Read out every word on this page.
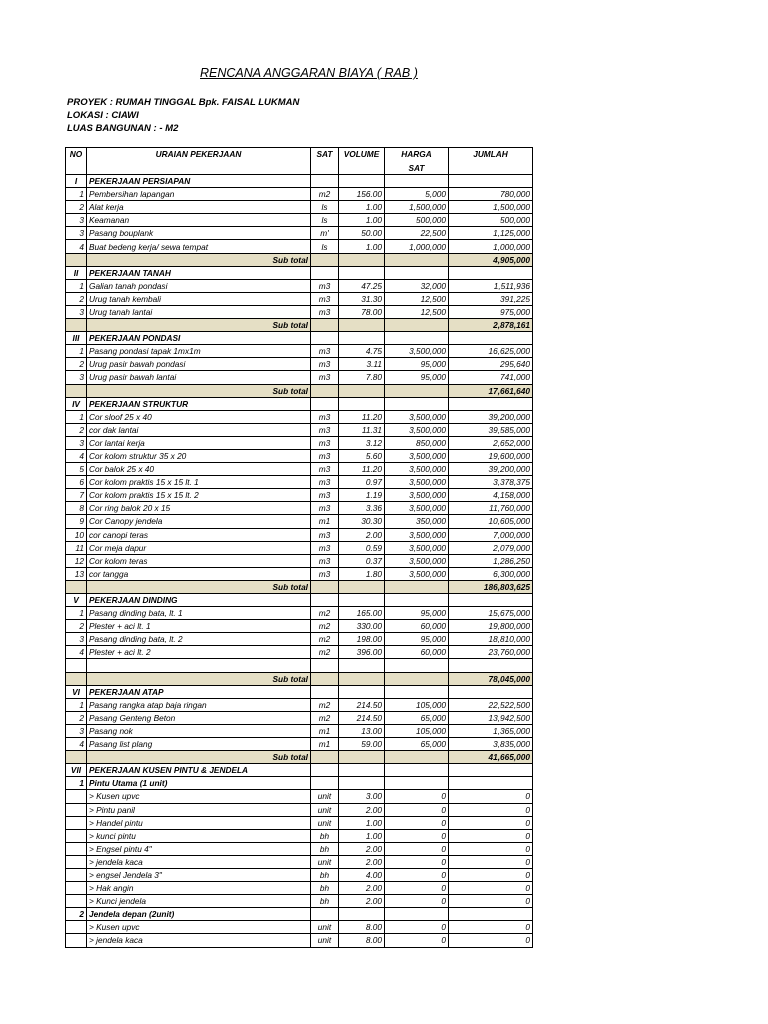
RENCANA ANGGARAN BIAYA ( RAB )
PROYEK : RUMAH TINGGAL Bpk. FAISAL LUKMAN
LOKASI : CIAWI
LUAS BANGUNAN : - M2
NO	URAIAN PEKERJAAN	SAT	VOLUME	HARGA	JUMLAH
				SAT	
I	PEKERJAAN PERSIAPAN				
1	Pembersihan lapangan	m2	156.00	5,000	780,000
2	Alat kerja	ls	1.00	1,500,000	1,500,000
3	Keamanan	ls	1.00	500,000	500,000
3	Pasang bouplank	m'	50.00	22,500	1,125,000
4	Buat bedeng kerja/ sewa tempat	ls	1.00	1,000,000	1,000,000
	Sub total				4,905,000
II	PEKERJAAN TANAH				
1	Galian tanah pondasi	m3	47.25	32,000	1,511,936
2	Urug tanah kembali	m3	31.30	12,500	391,225
3	Urug tanah lantai	m3	78.00	12,500	975,000
	Sub total				2,878,161
III	PEKERJAAN PONDASI				
1	Pasang pondasi tapak 1mx1m	m3	4.75	3,500,000	16,625,000
2	Urug pasir bawah pondasi	m3	3.11	95,000	295,640
3	Urug pasir bawah lantai	m3	7.80	95,000	741,000
	Sub total				17,661,640
IV	PEKERJAAN STRUKTUR				
1	Cor sloof 25 x 40	m3	11.20	3,500,000	39,200,000
2	cor dak lantai	m3	11.31	3,500,000	39,585,000
3	Cor lantai kerja	m3	3.12	850,000	2,652,000
4	Cor kolom struktur 35 x 20	m3	5.60	3,500,000	19,600,000
5	Cor balok 25 x 40	m3	11.20	3,500,000	39,200,000
6	Cor kolom praktis 15 x 15 lt. 1	m3	0.97	3,500,000	3,378,375
7	Cor kolom praktis 15 x 15 lt. 2	m3	1.19	3,500,000	4,158,000
8	Cor ring balok 20 x 15	m3	3.36	3,500,000	11,760,000
9	Cor Canopy jendela	m1	30.30	350,000	10,605,000
10	cor canopi teras	m3	2.00	3,500,000	7,000,000
11	Cor meja dapur	m3	0.59	3,500,000	2,079,000
12	Cor kolom teras	m3	0.37	3,500,000	1,286,250
13	cor tangga	m3	1.80	3,500,000	6,300,000
	Sub total				186,803,625
V	PEKERJAAN DINDING				
1	Pasang dinding bata, lt. 1	m2	165.00	95,000	15,675,000
2	Plester + aci lt. 1	m2	330.00	60,000	19,800,000
3	Pasang dinding bata, lt. 2	m2	198.00	95,000	18,810,000
4	Plester + aci lt. 2	m2	396.00	60,000	23,760,000

	Sub total				78,045,000
VI	PEKERJAAN ATAP				
1	Pasang rangka atap baja ringan	m2	214.50	105,000	22,522,500
2	Pasang Genteng Beton	m2	214.50	65,000	13,942,500
3	Pasang nok	m1	13.00	105,000	1,365,000
4	Pasang list plang	m1	59.00	65,000	3,835,000
	Sub total				41,665,000
VII	PEKERJAAN KUSEN PINTU & JENDELA				
1	Pintu Utama (1 unit)				
	> Kusen upvc	unit	3.00	0	0
	> Pintu panil	unit	2.00	0	0
	> Handel pintu	unit	1.00	0	0
	> kunci pintu	bh	1.00	0	0
	> Engsel pintu 4"	bh	2.00	0	0
	> jendela kaca	unit	2.00	0	0
	> engsel Jendela 3"	bh	4.00	0	0
	> Hak angin	bh	2.00	0	0
	> Kunci jendela	bh	2.00	0	0
2	Jendela depan (2unit)				
	> Kusen upvc	unit	8.00	0	0
	> jendela kaca	unit	8.00	0	0
